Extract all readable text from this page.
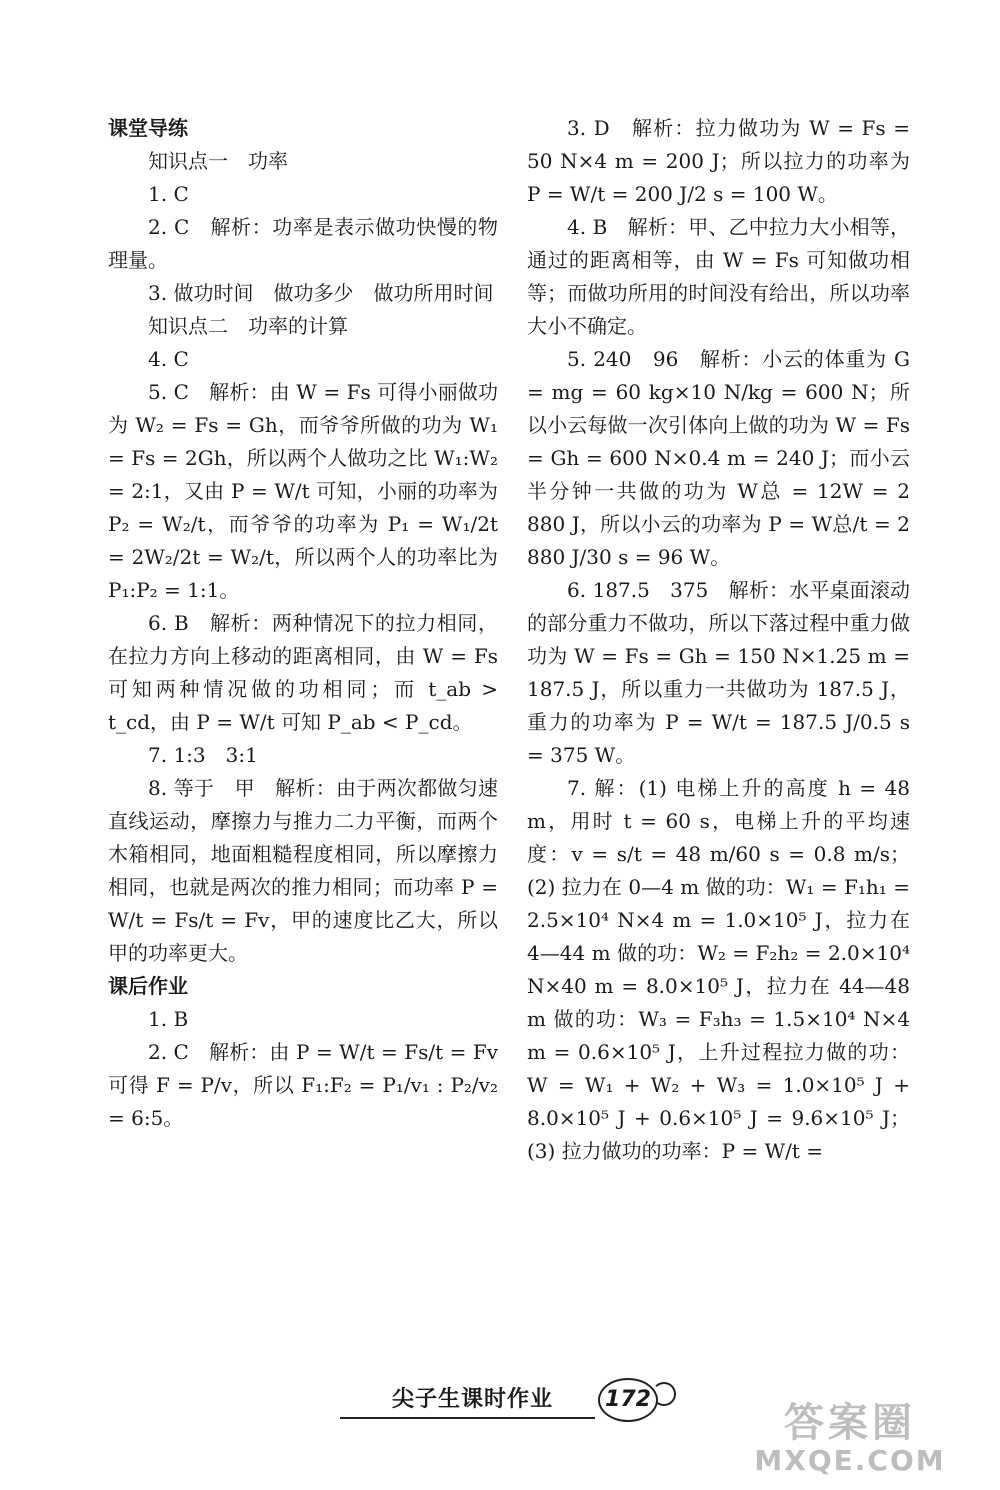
课堂导练

知识点一　功率

1. C

2. C　解析：功率是表示做功快慢的物理量。

3. 做功时间　做功多少　做功所用时间

知识点二　功率的计算

4. C

5. C　解析：由 W = Fs 可得小丽做功为 W₂ = Fs = Gh，而爷爷所做的功为 W₁ = Fs = 2Gh，所以两个人做功之比 W₁:W₂ = 2:1，又由 P = W/t 可知，小丽的功率为 P₂ = W₂/t，而爷爷的功率为 P₁ = W₁/2t = 2W₂/2t = W₂/t，所以两个人的功率比为 P₁:P₂ = 1:1。

6. B　解析：两种情况下的拉力相同，在拉力方向上移动的距离相同，由 W = Fs 可知两种情况做的功相同；而 t_ab > t_cd，由 P = W/t 可知 P_ab < P_cd。

7. 1:3　3:1

8. 等于　甲　解析：由于两次都做匀速直线运动，摩擦力与推力二力平衡，而两个木箱相同，地面粗糙程度相同，所以摩擦力相同，也就是两次的推力相同；而功率 P = W/t = Fs/t = Fv，甲的速度比乙大，所以甲的功率更大。

课后作业

1. B

2. C　解析：由 P = W/t = Fs/t = Fv 可得 F = P/v，所以 F₁:F₂ = P₁/v₁ : P₂/v₂ = 6:5。

3. D　解析：拉力做功为 W = Fs = 50 N×4 m = 200 J；所以拉力的功率为 P = W/t = 200 J/2 s = 100 W。

4. B　解析：甲、乙中拉力大小相等，通过的距离相等，由 W = Fs 可知做功相等；而做功所用的时间没有给出，所以功率大小不确定。

5. 240　96　解析：小云的体重为 G = mg = 60 kg×10 N/kg = 600 N；所以小云每做一次引体向上做的功为 W = Fs = Gh = 600 N×0.4 m = 240 J；而小云半分钟一共做的功为 W总 = 12W = 2 880 J，所以小云的功率为 P = W总/t = 2 880 J/30 s = 96 W。

6. 187.5　375　解析：水平桌面滚动的部分重力不做功，所以下落过程中重力做功为 W = Fs = Gh = 150 N×1.25 m = 187.5 J，所以重力一共做功为 187.5 J，重力的功率为 P = W/t = 187.5 J/0.5 s = 375 W。

7. 解：(1) 电梯上升的高度 h = 48 m，用时 t = 60 s，电梯上升的平均速度：v = s/t = 48 m/60 s = 0.8 m/s；(2) 拉力在 0—4 m 做的功：W₁ = F₁h₁ = 2.5×10⁴ N×4 m = 1.0×10⁵ J，拉力在 4—44 m 做的功：W₂ = F₂h₂ = 2.0×10⁴ N×40 m = 8.0×10⁵ J，拉力在 44—48 m 做的功：W₃ = F₃h₃ = 1.5×10⁴ N×4 m = 0.6×10⁵ J，上升过程拉力做的功：W = W₁ + W₂ + W₃ = 1.0×10⁵ J + 8.0×10⁵ J + 0.6×10⁵ J = 9.6×10⁵ J；(3) 拉力做功的功率：P = W/t =

尖子生课时作业	172
答案圈
MXQE.COM
